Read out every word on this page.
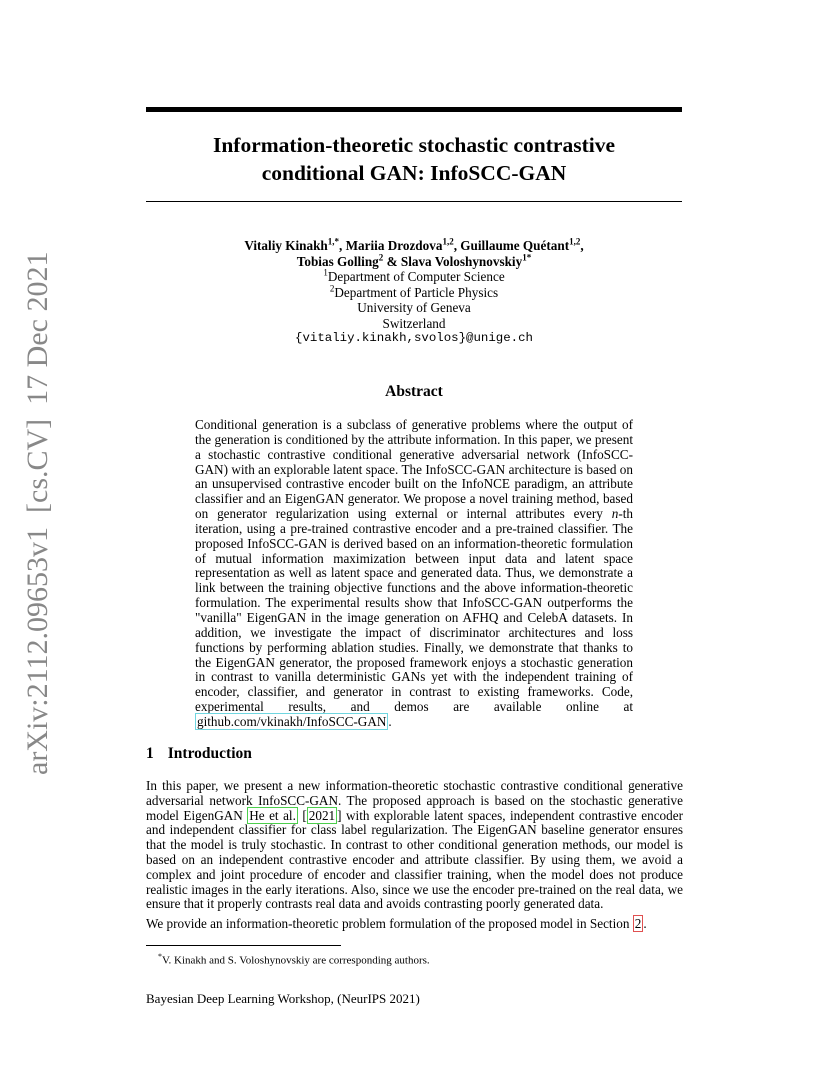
arXiv:2112.09653v1[cs.CV]17 Dec 2021
Information-theoretic stochastic contrastive
conditional GAN: InfoSCC-GAN
Vitaliy Kinakh$^{1,*}$, Mariia Drozdova$^{1,2}$, Guillaume Quétant$^{1,2}$,
Tobias Golling$^2$ & Slava Voloshynovskiy$^{1*}$
$^1$Department of Computer Science
$^2$Department of Particle Physics
University of Geneva
Switzerland
{vitaliy.kinakh,svolos}@unige.ch
Abstract
Conditional generation is a subclass of generative problems where the output of the generation is conditioned by the attribute information. In this paper, we present a stochastic contrastive conditional generative adversarial network (InfoSCC-GAN) with an explorable latent space. The InfoSCC-GAN architecture is based on an unsupervised contrastive encoder built on the InfoNCE paradigm, an attribute classifier and an EigenGAN generator. We propose a novel training method, based on generator regularization using external or internal attributes every n-th iteration, using a pre-trained contrastive encoder and a pre-trained classifier. The proposed InfoSCC-GAN is derived based on an information-theoretic formulation of mutual information maximization between input data and latent space representation as well as latent space and generated data. Thus, we demonstrate a link between the training objective functions and the above information-theoretic formulation. The experimental results show that InfoSCC-GAN outperforms the "vanilla" EigenGAN in the image generation on AFHQ and CelebA datasets. In addition, we investigate the impact of discriminator architectures and loss functions by performing ablation studies. Finally, we demonstrate that thanks to the EigenGAN generator, the proposed framework enjoys a stochastic generation in contrast to vanilla deterministic GANs yet with the independent training of encoder, classifier, and generator in contrast to existing frameworks. Code, experimental results, and demos are available online at github.com/vkinakh/InfoSCC-GAN .
1 Introduction

In this paper, we present a new information-theoretic stochastic contrastive conditional generative adversarial network InfoSCC-GAN. The proposed approach is based on the stochastic generative model EigenGAN He et al. [ 2021 ] with explorable latent spaces, independent contrastive encoder and independent classifier for class label regularization. The EigenGAN baseline generator ensures that the model is truly stochastic. In contrast to other conditional generation methods, our model is based on an independent contrastive encoder and attribute classifier. By using them, we avoid a complex and joint procedure of encoder and classifier training, when the model does not produce realistic images in the early iterations. Also, since we use the encoder pre-trained on the real data, we ensure that it properly contrasts real data and avoids contrasting poorly generated data.

We provide an information-theoretic problem formulation of the proposed model in Section 2 .

*V. Kinakh and S. Voloshynovskiy are corresponding authors.
Bayesian Deep Learning Workshop, (NeurIPS 2021)
